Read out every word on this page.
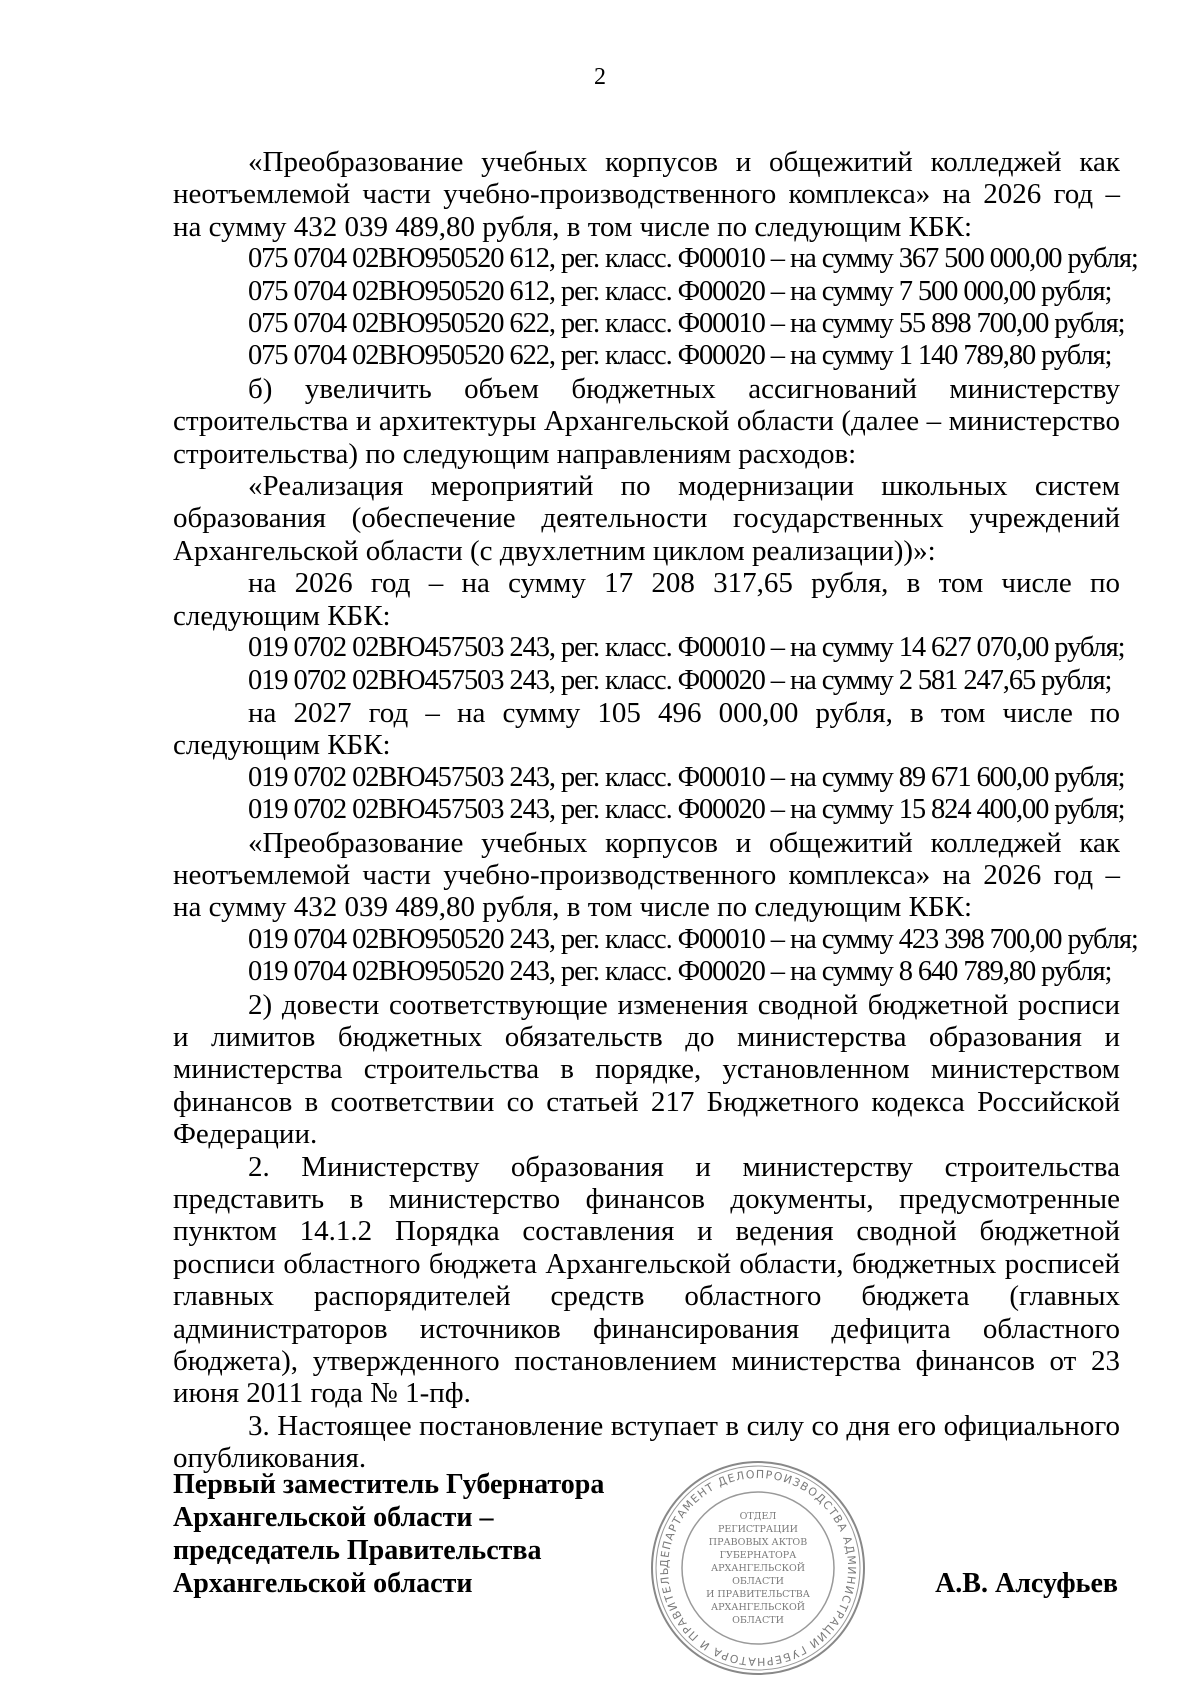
2

«Преобразование учебных корпусов и общежитий колледжей как неотъемлемой части учебно-производственного комплекса» на 2026 год – на сумму 432 039 489,80 рубля, в том числе по следующим КБК:

075 0704 02ВЮ950520 612, рег. класс. Ф00010 – на сумму 367 500 000,00 рубля;

075 0704 02ВЮ950520 612, рег. класс. Ф00020 – на сумму 7 500 000,00 рубля;

075 0704 02ВЮ950520 622, рег. класс. Ф00010 – на сумму 55 898 700,00 рубля;

075 0704 02ВЮ950520 622, рег. класс. Ф00020 – на сумму 1 140 789,80 рубля;

б) увеличить объем бюджетных ассигнований министерству строительства и архитектуры Архангельской области (далее – министерство строительства) по следующим направлениям расходов:

«Реализация мероприятий по модернизации школьных систем образования (обеспечение деятельности государственных учреждений Архангельской области (с двухлетним циклом реализации))»:

на 2026 год – на сумму 17 208 317,65 рубля, в том числе по следующим КБК:

019 0702 02ВЮ457503 243, рег. класс. Ф00010 – на сумму 14 627 070,00 рубля;

019 0702 02ВЮ457503 243, рег. класс. Ф00020 – на сумму 2 581 247,65 рубля;

на 2027 год – на сумму 105 496 000,00 рубля, в том числе по следующим КБК:

019 0702 02ВЮ457503 243, рег. класс. Ф00010 – на сумму 89 671 600,00 рубля;

019 0702 02ВЮ457503 243, рег. класс. Ф00020 – на сумму 15 824 400,00 рубля;

«Преобразование учебных корпусов и общежитий колледжей как неотъемлемой части учебно-производственного комплекса» на 2026 год – на сумму 432 039 489,80 рубля, в том числе по следующим КБК:

019 0704 02ВЮ950520 243, рег. класс. Ф00010 – на сумму 423 398 700,00 рубля;

019 0704 02ВЮ950520 243, рег. класс. Ф00020 – на сумму 8 640 789,80 рубля;

2) довести соответствующие изменения сводной бюджетной росписи и лимитов бюджетных обязательств до министерства образования и министерства строительства в порядке, установленном министерством финансов в соответствии со статьей 217 Бюджетного кодекса Российской Федерации.

2. Министерству образования и министерству строительства представить в министерство финансов документы, предусмотренные пунктом 14.1.2 Порядка составления и ведения сводной бюджетной росписи областного бюджета Архангельской области, бюджетных росписей главных распорядителей средств областного бюджета (главных администраторов источников финансирования дефицита областного бюджета), утвержденного постановлением министерства финансов от 23 июня 2011 года № 1-пф.

3. Настоящее постановление вступает в силу со дня его официального опубликования.

Первый заместитель Губернатора
Архангельской области –
председатель Правительства
Архангельской области
ДЕПАРТАМЕНТ ДЕЛОПРОИЗВОДСТВА АДМИНИСТРАЦИИ ГУБЕРНАТОРА И ПРАВИТЕЛЬ
ОТДЕЛ
РЕГИСТРАЦИИ
ПРАВОВЫХ АКТОВ
ГУБЕРНАТОРА
АРХАНГЕЛЬСКОЙ
ОБЛАСТИ
И ПРАВИТЕЛЬСТВА
АРХАНГЕЛЬСКОЙ
ОБЛАСТИ
А.В. Алсуфьев
